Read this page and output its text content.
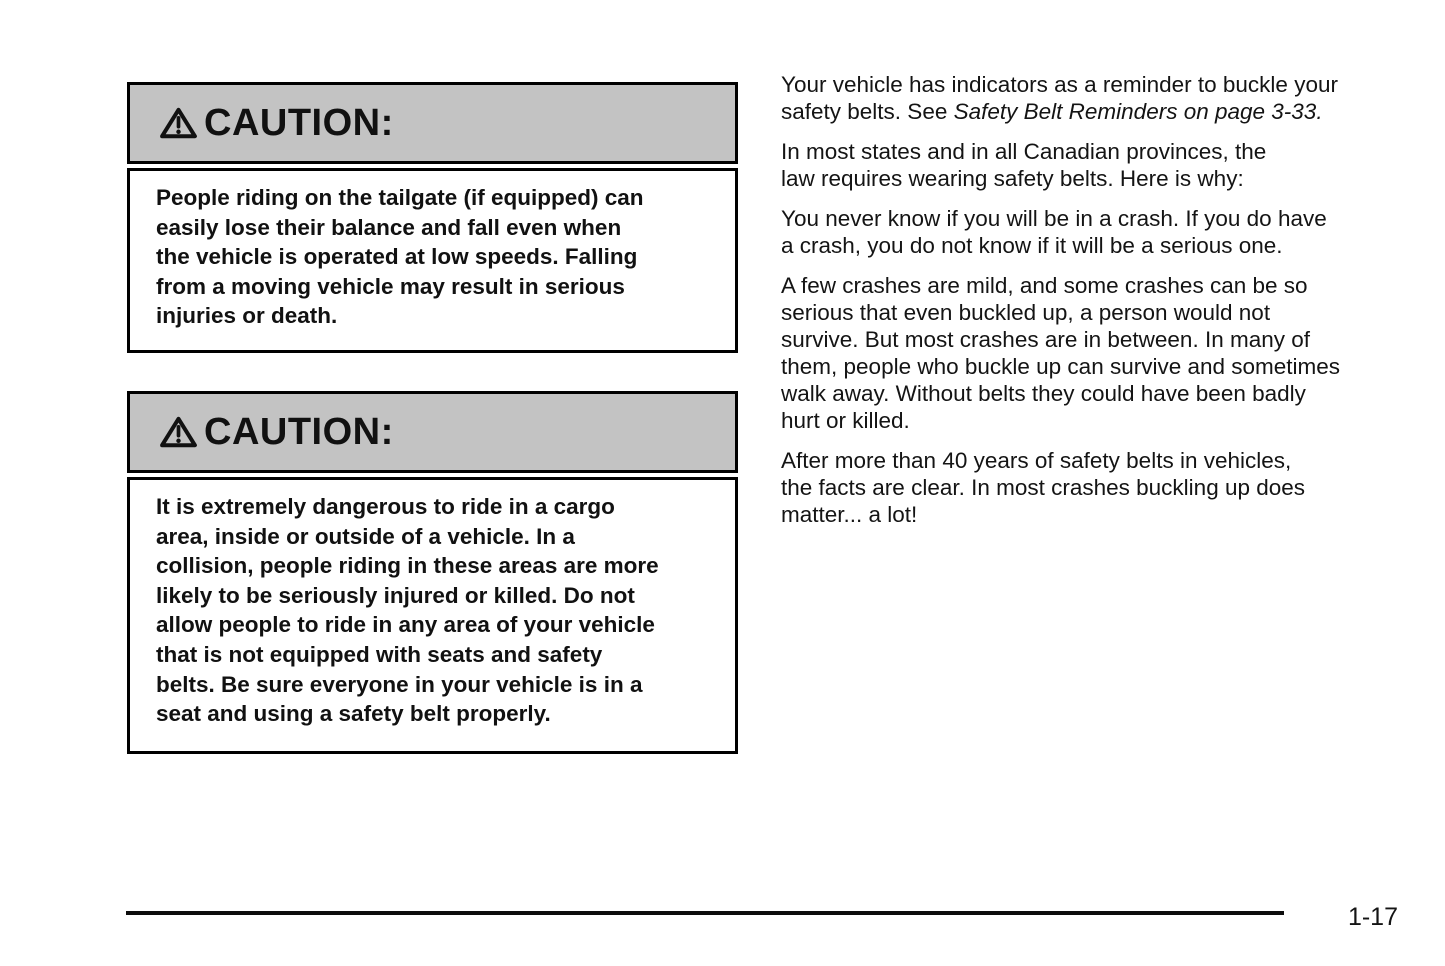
CAUTION:
People riding on the tailgate (if equipped) can
easily lose their balance and fall even when
the vehicle is operated at low speeds. Falling
from a moving vehicle may result in serious
injuries or death.
CAUTION:
It is extremely dangerous to ride in a cargo
area, inside or outside of a vehicle. In a
collision, people riding in these areas are more
likely to be seriously injured or killed. Do not
allow people to ride in any area of your vehicle
that is not equipped with seats and safety
belts. Be sure everyone in your vehicle is in a
seat and using a safety belt properly.

Your vehicle has indicators as a reminder to buckle your
safety belts. See Safety Belt Reminders on page 3-33.

In most states and in all Canadian provinces, the
law requires wearing safety belts. Here is why:

You never know if you will be in a crash. If you do have
a crash, you do not know if it will be a serious one.

A few crashes are mild, and some crashes can be so
serious that even buckled up, a person would not
survive. But most crashes are in between. In many of
them, people who buckle up can survive and sometimes
walk away. Without belts they could have been badly
hurt or killed.

After more than 40 years of safety belts in vehicles,
the facts are clear. In most crashes buckling up does
matter... a lot!

1-17
